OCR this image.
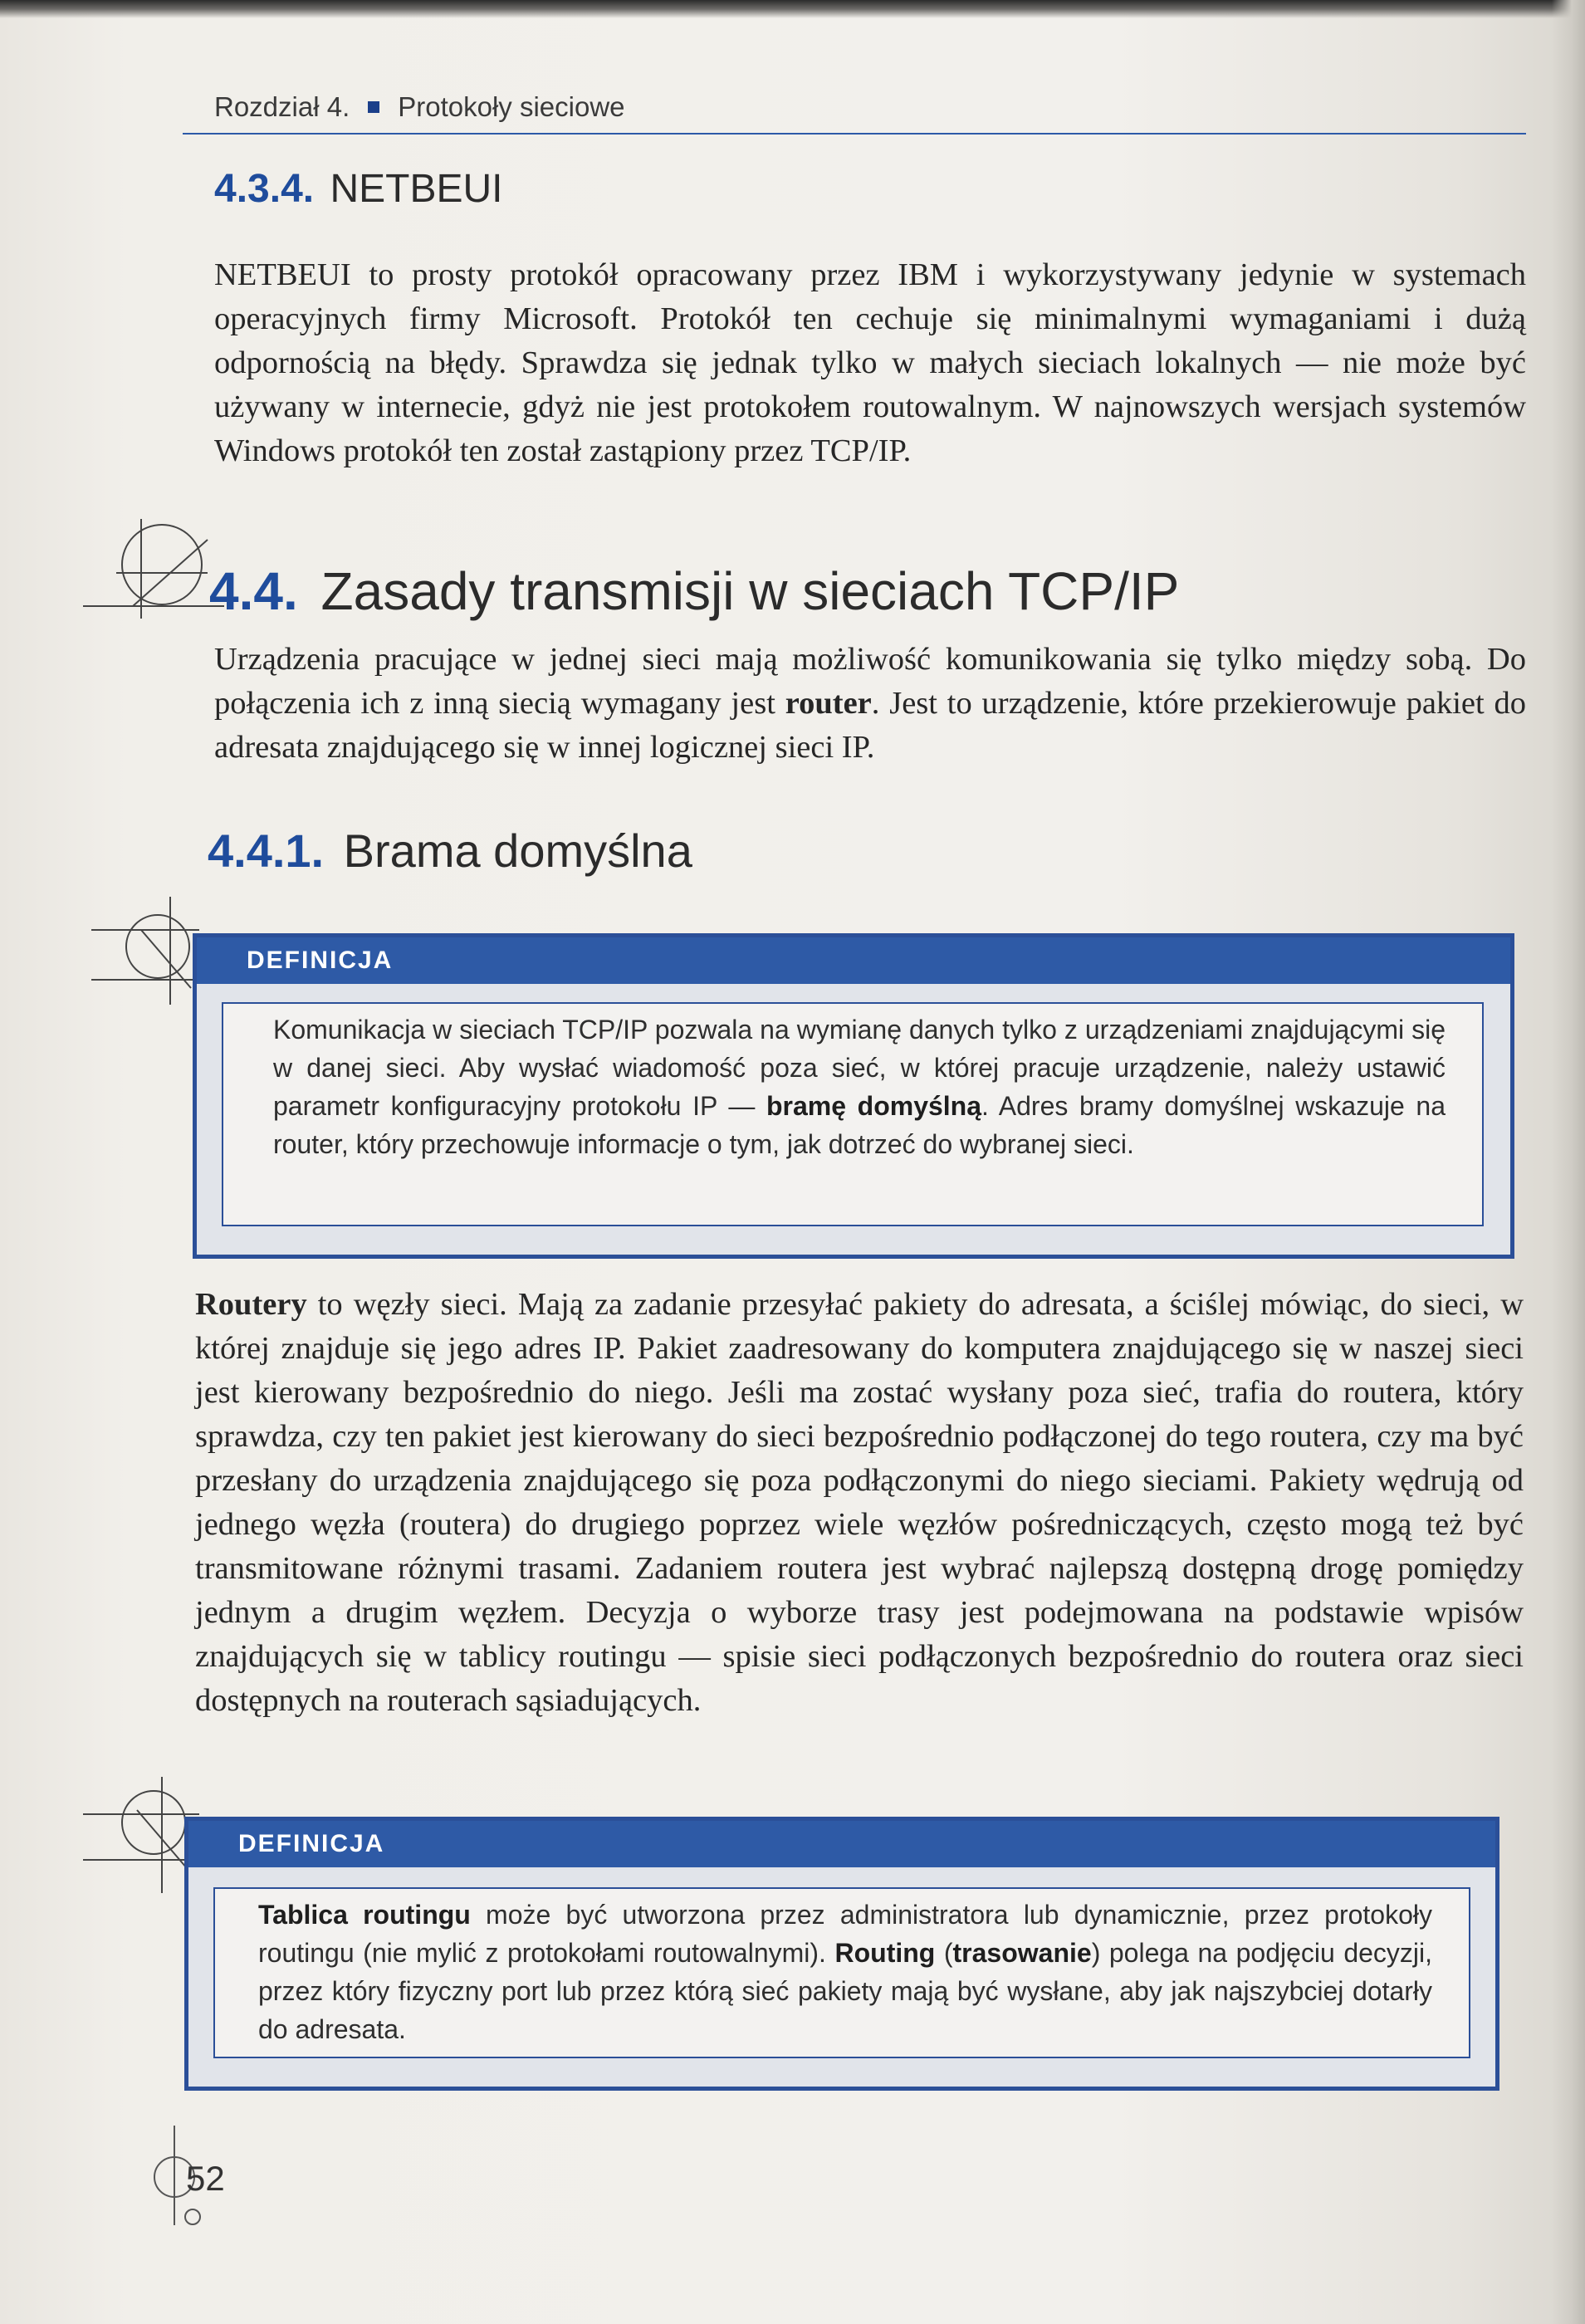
Rozdział 4. Protokoły sieciowe
4.3.4. NETBEUI
NETBEUI to prosty protokół opracowany przez IBM i wykorzystywany jedynie w systemach operacyjnych firmy Microsoft. Protokół ten cechuje się minimalnymi wymaganiami i dużą odpornością na błędy. Sprawdza się jednak tylko w małych sieciach lokalnych — nie może być używany w internecie, gdyż nie jest protokołem routowalnym. W najnowszych wersjach systemów Windows protokół ten został zastąpiony przez TCP/IP.
4.4. Zasady transmisji w sieciach TCP/IP
Urządzenia pracujące w jednej sieci mają możliwość komunikowania się tylko między sobą. Do połączenia ich z inną siecią wymagany jest router. Jest to urządzenie, które przekierowuje pakiet do adresata znajdującego się w innej logicznej sieci IP.
4.4.1. Brama domyślna
DEFINICJA
Komunikacja w sieciach TCP/IP pozwala na wymianę danych tylko z urządzeniami znajdującymi się w danej sieci. Aby wysłać wiadomość poza sieć, w której pracuje urządzenie, należy ustawić parametr konfiguracyjny protokołu IP — bramę domyślną. Adres bramy domyślnej wskazuje na router, który przechowuje informacje o tym, jak dotrzeć do wybranej sieci.
Routery to węzły sieci. Mają za zadanie przesyłać pakiety do adresata, a ściślej mówiąc, do sieci, w której znajduje się jego adres IP. Pakiet zaadresowany do komputera znajdującego się w naszej sieci jest kierowany bezpośrednio do niego. Jeśli ma zostać wysłany poza sieć, trafia do routera, który sprawdza, czy ten pakiet jest kierowany do sieci bezpośrednio podłączonej do tego routera, czy ma być przesłany do urządzenia znajdującego się poza podłączonymi do niego sieciami. Pakiety wędrują od jednego węzła (routera) do drugiego poprzez wiele węzłów pośredniczących, często mogą też być transmitowane różnymi trasami. Zadaniem routera jest wybrać najlepszą dostępną drogę pomiędzy jednym a drugim węzłem. Decyzja o wyborze trasy jest podejmowana na podstawie wpisów znajdujących się w tablicy routingu — spisie sieci podłączonych bezpośrednio do routera oraz sieci dostępnych na routerach sąsiadujących.
DEFINICJA
Tablica routingu może być utworzona przez administratora lub dynamicznie, przez protokoły routingu (nie mylić z protokołami routowalnymi). Routing (trasowanie) polega na podjęciu decyzji, przez który fizyczny port lub przez którą sieć pakiety mają być wysłane, aby jak najszybciej dotarły do adresata.
52
